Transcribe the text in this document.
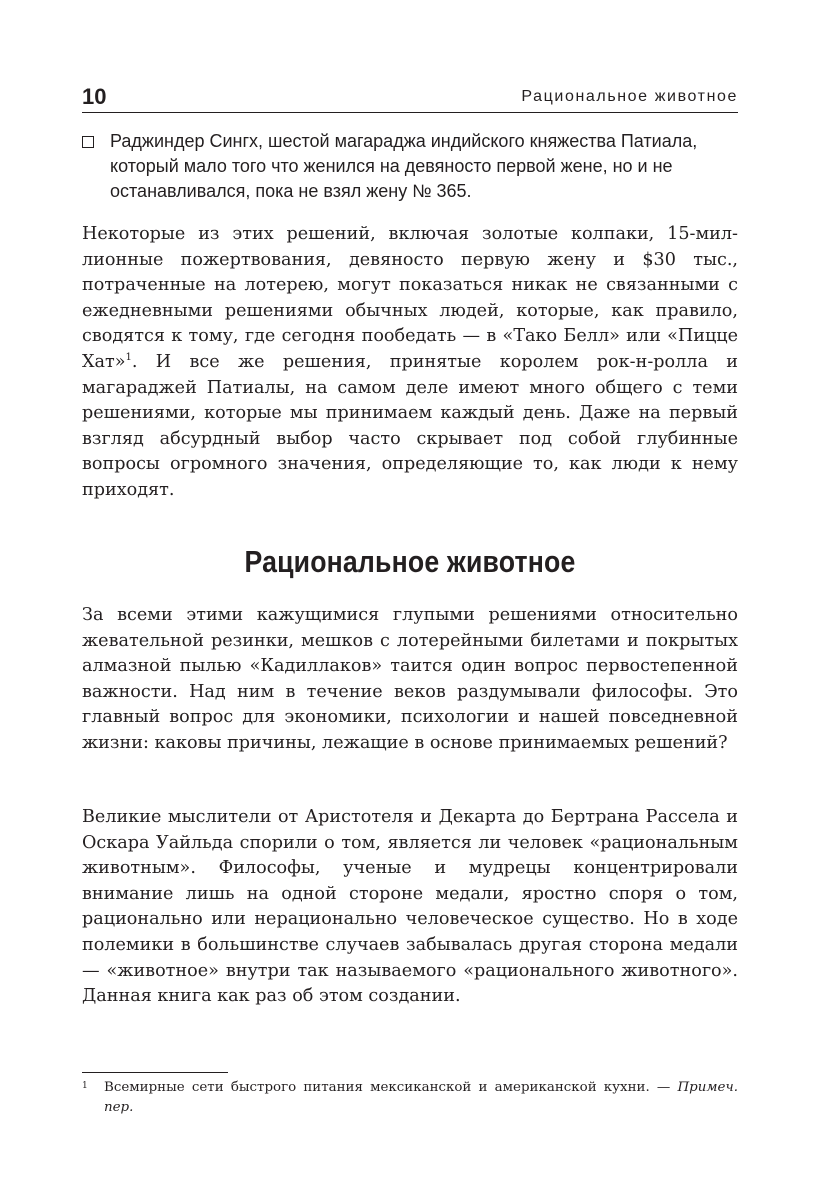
10	Рациональное животное
Раджиндер Сингх, шестой магараджа индийского княжества Патиала, который мало того что женился на девяносто первой жене, но и не останавливался, пока не взял жену № 365.

Некоторые из этих решений, включая золотые колпаки, 15-миллионные пожертвования, девяносто первую жену и $30 тыс., потраченные на лотерею, могут показаться никак не связанными с ежедневными решениями обычных людей, которые, как правило, сводятся к тому, где сегодня пообедать — в «Тако Белл» или «Пицце Хат»$^1$. И все же решения, принятые королем рок-н-ролла и магараджей Патиалы, на самом деле имеют много общего с теми решениями, которые мы принимаем каждый день. Даже на первый взгляд абсурдный выбор часто скрывает под собой глубинные вопросы огромного значения, определяющие то, как люди к нему приходят.

Рациональное животное

За всеми этими кажущимися глупыми решениями относительно жевательной резинки, мешков с лотерейными билетами и покрытых алмазной пылью «Кадиллаков» таится один вопрос первостепенной важности. Над ним в течение веков раздумывали философы. Это главный вопрос для экономики, психологии и нашей повседневной жизни: каковы причины, лежащие в основе принимаемых решений?

Великие мыслители от Аристотеля и Декарта до Бертрана Рассела и Оскара Уайльда спорили о том, является ли человек «рациональным животным». Философы, ученые и мудрецы концентрировали внимание лишь на одной стороне медали, яростно споря о том, рационально или нерационально человеческое существо. Но в ходе полемики в большинстве случаев забывалась другая сторона медали — «животное» внутри так называемого «рационального животного». Данная книга как раз об этом создании.

1 Всемирные сети быстрого питания мексиканской и американской кухни. — Примеч. пер.
